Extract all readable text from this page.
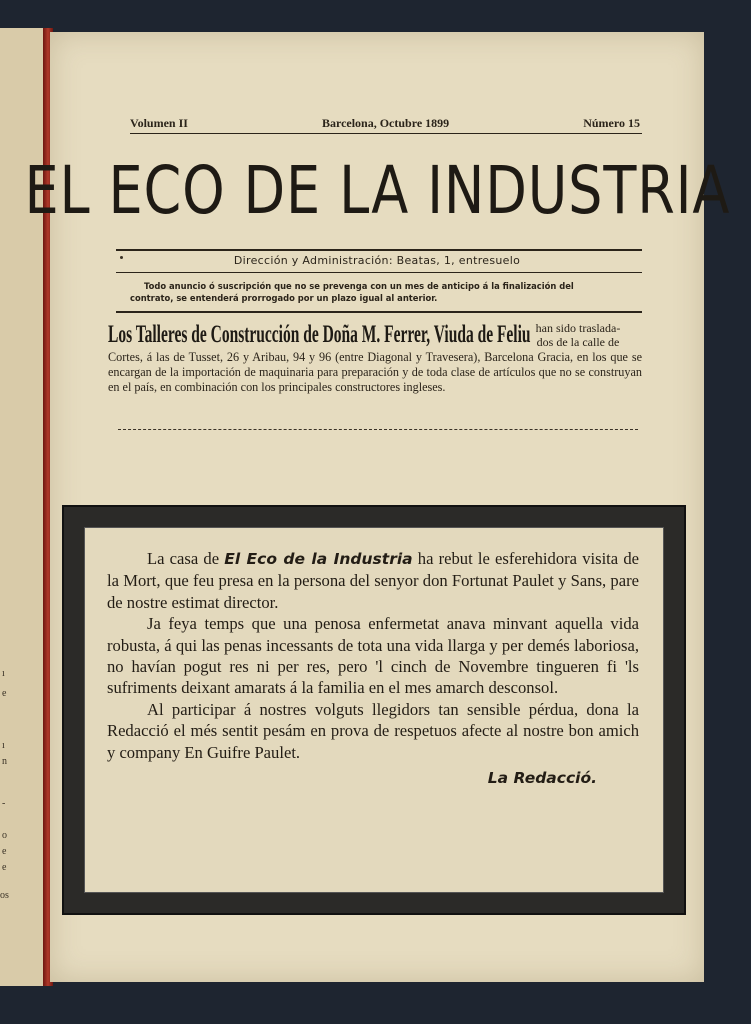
ı
e
ı
n
-
o
e
e
os
Volumen II	Barcelona, Octubre 1899	Número 15
EL ECO DE LA INDUSTRIA
Dirección y Administración: Beatas, 1, entresuelo
Todo anuncio ó suscripción que no se prevenga con un mes de anticipo á la finalización del
contrato, se entenderá prorrogado por un plazo igual al anterior.
Los Talleres de Construcción de Doña M. Ferrer, Viuda de Feliu han sido traslada-
dos de la calle de
Cortes, á las de Tusset, 26 y Aribau, 94 y 96 (entre Diagonal y Travesera), Barcelona Gracia, en los que se encargan de la importación de maquinaria para preparación y de toda clase de artículos que no se construyan en el país, en combinación con los principales constructores ingleses.

La casa de El Eco de la Industria ha rebut le esferehidora visita de la Mort, que feu presa en la persona del senyor don Fortunat Paulet y Sans, pare de nostre estimat director.

Ja feya temps que una penosa enfermetat anava minvant aquella vida robusta, á qui las penas incessants de tota una vida llarga y per demés laboriosa, no havían pogut res ni per res, pero 'l cinch de Novembre tingueren fi 'ls sufriments deixant amarats á la familia en el mes amarch desconsol.

Al participar á nostres volguts llegidors tan sensible pérdua, dona la Redacció el més sentit pesám en prova de respetuos afecte al nostre bon amich y company En Guifre Paulet.

La Redacció.
